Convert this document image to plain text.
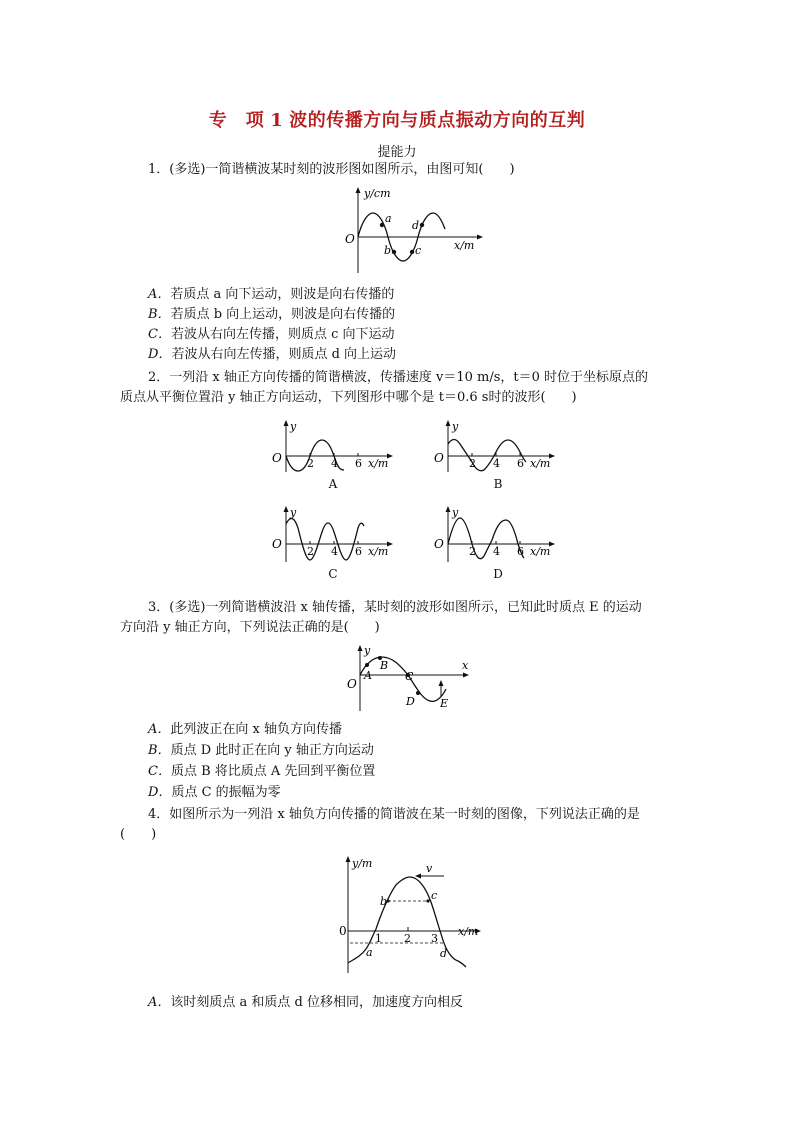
专　项 1 波的传播方向与质点振动方向的互判
提能力
1．(多选)一简谐横波某时刻的波形图如图所示，由图可知(　　)
y/cm
O	x/m
a
b c
d
A．若质点 a 向下运动，则波是向右传播的
B．若质点 b 向上运动，则波是向右传播的
C．若波从右向左传播，则质点 c 向下运动
D．若波从右向左传播，则质点 d 向上运动
2．一列沿 x 轴正方向传播的简谐横波，传播速度 v＝10 m/s，t＝0 时位于坐标原点的
质点从平衡位置沿 y 轴正方向运动，下列图形中哪个是 t＝0.6 s时的波形(　　)
y
O 2 4 6 x/m
A
y
O 2 4 6 x/m
B
y
O
2 4 6 x/m
C
y
O
2 4 6 x/m
D
3．(多选)一列简谐横波沿 x 轴传播，某时刻的波形如图所示，已知此时质点 E 的运动
方向沿 y 轴正方向，下列说法正确的是(　　)
y
O
x
A
B
C
D E
A．此列波正在向 x 轴负方向传播
B．质点 D 此时正在向 y 轴正方向运动
C．质点 B 将比质点 A 先回到平衡位置
D．质点 C 的振幅为零
4．如图所示为一列沿 x 轴负方向传播的简谐波在某一时刻的图像，下列说法正确的是
(　　)
y/m
0
1 2 3
x/m
v
a
b	c
d
A．该时刻质点 a 和质点 d 位移相同，加速度方向相反
